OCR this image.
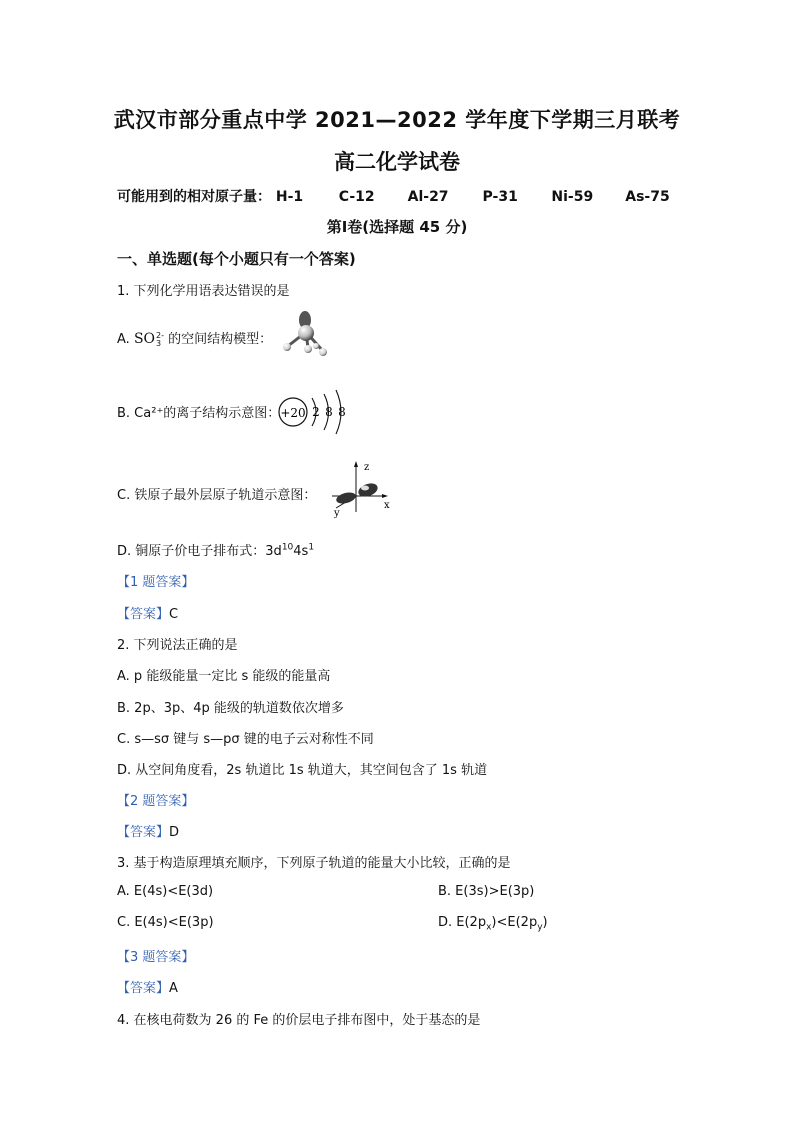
武汉市部分重点中学 2021—2022 学年度下学期三月联考
高二化学试卷
可能用到的相对原子量： H-1	C-12 Al-27 P-31 Ni-59 As-75
第Ⅰ卷(选择题 45 分)
一、单选题(每个小题只有一个答案)
1. 下列化学用语表达错误的是
A. SO 2-
3 的空间结构模型：
B. Ca²⁺的离子结构示意图： +20 2 8 8
C. 铁原子最外层原子轨道示意图：
z
y
x
D. 铜原子价电子排布式：$3d^{10}4s^1$
【1 题答案】
【答案】C
2. 下列说法正确的是
A. p 能级能量一定比 s 能级的能量高
B. 2p、3p、4p 能级的轨道数依次增多
C. s—sσ 键与 s—pσ 键的电子云对称性不同
D. 从空间角度看，2s 轨道比 1s 轨道大，其空间包含了 1s 轨道
【2 题答案】
【答案】D
3. 基于构造原理填充顺序，下列原子轨道的能量大小比较，正确的是
A. E(4s)<E(3d)	B. E(3s)>E(3p)
C. E(4s)<E(3p)	D. $E(2p_x)<E(2p_y)$
【3 题答案】
【答案】A
4. 在核电荷数为 26 的 Fe 的价层电子排布图中，处于基态的是
